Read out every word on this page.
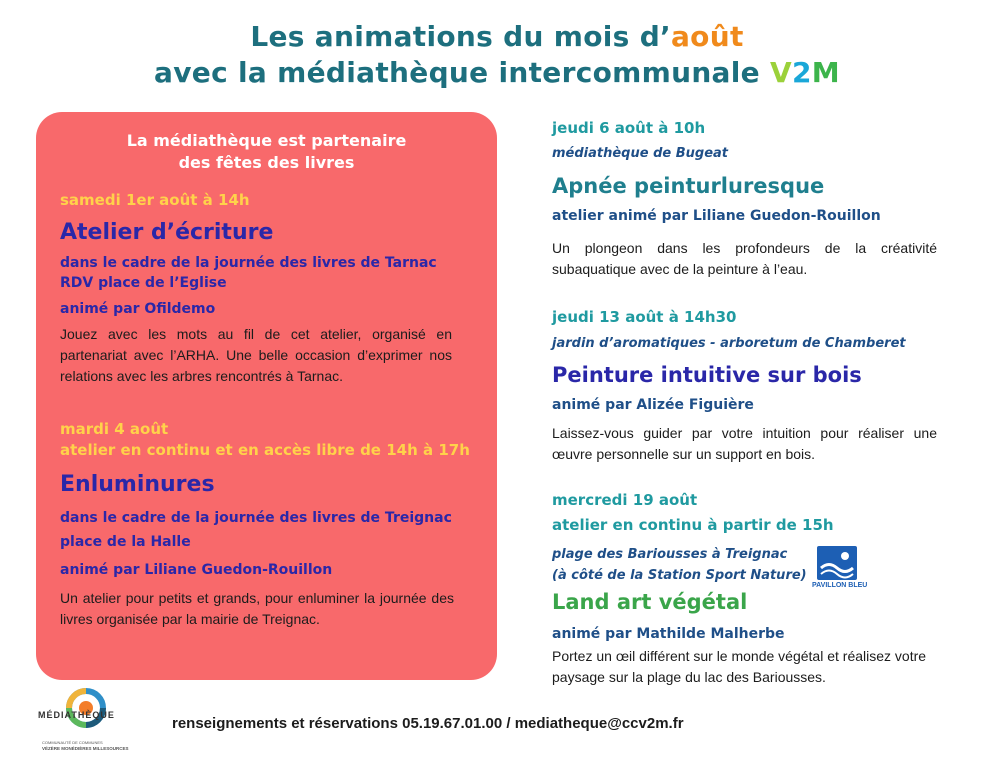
Les animations du mois d’août
avec la médiathèque intercommunale V2M
La médiathèque est partenaire
des fêtes des livres
samedi 1er août à 14h
Atelier d’écriture
dans le cadre de la journée des livres de Tarnac
RDV place de l’Eglise
animé par Ofildemo
Jouez avec les mots au fil de cet atelier, organisé en partenariat avec l’ARHA. Une belle occasion d’exprimer nos relations avec les arbres rencontrés à Tarnac.
mardi 4 août
atelier en continu et en accès libre de 14h à 17h
Enluminures
dans le cadre de la journée des livres de Treignac
place de la Halle
animé par Liliane Guedon-Rouillon
Un atelier pour petits et grands, pour enluminer la journée des livres organisée par la mairie de Treignac.
jeudi 6 août à 10h
médiathèque de Bugeat
Apnée peinturluresque
atelier animé par Liliane Guedon-Rouillon
Un plongeon dans les profondeurs de la créativité subaquatique avec de la peinture à l’eau.
jeudi 13 août à 14h30
jardin d’aromatiques - arboretum de Chamberet
Peinture intuitive sur bois
animé par Alizée Figuière
Laissez-vous guider par votre intuition pour réaliser une œuvre personnelle sur un support en bois.
mercredi 19 août
atelier en continu à partir de 15h
plage des Bariousses à Treignac
(à côté de la Station Sport Nature)
PAVILLON BLEU
Land art végétal
animé par Mathilde Malherbe
Portez un œil différent sur le monde végétal et réalisez votre paysage sur la plage du lac des Bariousses.
MÉDIATHÈQUE
COMMUNAUTÉ DE COMMUNES
VÉZÈRE MONÉDIÈRES MILLESOURCES
renseignements et réservations 05.19.67.01.00 / mediatheque@ccv2m.fr
